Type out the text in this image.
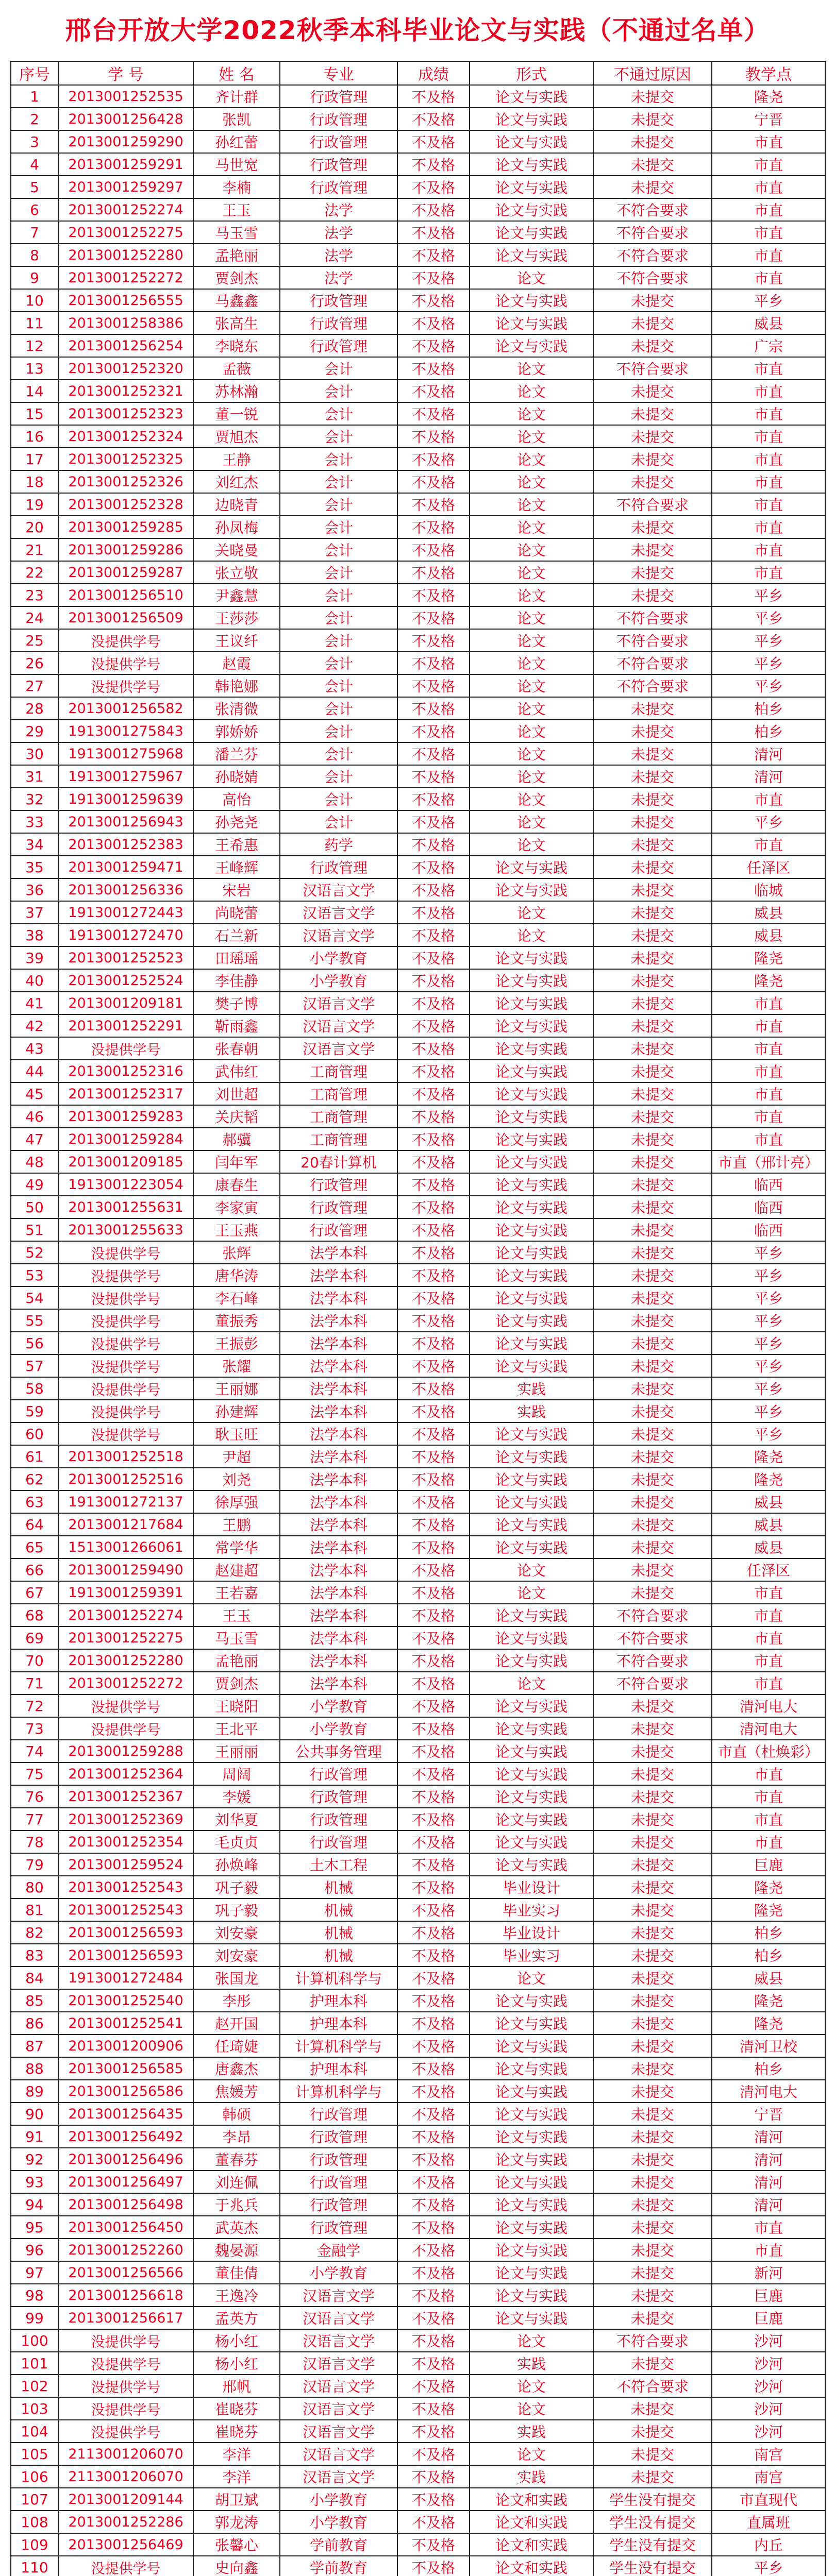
邢台开放大学2022秋季本科毕业论文与实践（不通过名单）
序号	学 号	姓 名	专业	成绩	形式	不通过原因	教学点
1	2013001252535	齐计群	行政管理	不及格	论文与实践	未提交	隆尧
2	2013001256428	张凯	行政管理	不及格	论文与实践	未提交	宁晋
3	2013001259290	孙红蕾	行政管理	不及格	论文与实践	未提交	市直
4	2013001259291	马世宽	行政管理	不及格	论文与实践	未提交	市直
5	2013001259297	李楠	行政管理	不及格	论文与实践	未提交	市直
6	2013001252274	王玉	法学	不及格	论文与实践	不符合要求	市直
7	2013001252275	马玉雪	法学	不及格	论文与实践	不符合要求	市直
8	2013001252280	孟艳丽	法学	不及格	论文与实践	不符合要求	市直
9	2013001252272	贾剑杰	法学	不及格	论文	不符合要求	市直
10	2013001256555	马鑫鑫	行政管理	不及格	论文与实践	未提交	平乡
11	2013001258386	张高生	行政管理	不及格	论文与实践	未提交	威县
12	2013001256254	李晓东	行政管理	不及格	论文与实践	未提交	广宗
13	2013001252320	孟薇	会计	不及格	论文	不符合要求	市直
14	2013001252321	苏林瀚	会计	不及格	论文	未提交	市直
15	2013001252323	董一锐	会计	不及格	论文	未提交	市直
16	2013001252324	贾旭杰	会计	不及格	论文	未提交	市直
17	2013001252325	王静	会计	不及格	论文	未提交	市直
18	2013001252326	刘红杰	会计	不及格	论文	未提交	市直
19	2013001252328	边晓青	会计	不及格	论文	不符合要求	市直
20	2013001259285	孙凤梅	会计	不及格	论文	未提交	市直
21	2013001259286	关晓曼	会计	不及格	论文	未提交	市直
22	2013001259287	张立敬	会计	不及格	论文	未提交	市直
23	2013001256510	尹鑫慧	会计	不及格	论文	未提交	平乡
24	2013001256509	王莎莎	会计	不及格	论文	不符合要求	平乡
25	没提供学号	王议纤	会计	不及格	论文	不符合要求	平乡
26	没提供学号	赵霞	会计	不及格	论文	不符合要求	平乡
27	没提供学号	韩艳娜	会计	不及格	论文	不符合要求	平乡
28	2013001256582	张清微	会计	不及格	论文	未提交	柏乡
29	1913001275843	郭娇娇	会计	不及格	论文	未提交	柏乡
30	1913001275968	潘兰芬	会计	不及格	论文	未提交	清河
31	1913001275967	孙晓婧	会计	不及格	论文	未提交	清河
32	1913001259639	高怡	会计	不及格	论文	未提交	市直
33	2013001256943	孙尧尧	会计	不及格	论文	未提交	平乡
34	2013001252383	王希惠	药学	不及格	论文	未提交	市直
35	2013001259471	王峰辉	行政管理	不及格	论文与实践	未提交	任泽区
36	2013001256336	宋岩	汉语言文学	不及格	论文与实践	未提交	临城
37	1913001272443	尚晓蕾	汉语言文学	不及格	论文	未提交	威县
38	1913001272470	石兰新	汉语言文学	不及格	论文	未提交	威县
39	2013001252523	田瑶瑶	小学教育	不及格	论文与实践	未提交	隆尧
40	2013001252524	李佳静	小学教育	不及格	论文与实践	未提交	隆尧
41	2013001209181	樊子博	汉语言文学	不及格	论文与实践	未提交	市直
42	2013001252291	靳雨鑫	汉语言文学	不及格	论文与实践	未提交	市直
43	没提供学号	张春朝	汉语言文学	不及格	论文与实践	未提交	市直
44	2013001252316	武伟红	工商管理	不及格	论文与实践	未提交	市直
45	2013001252317	刘世超	工商管理	不及格	论文与实践	未提交	市直
46	2013001259283	关庆韬	工商管理	不及格	论文与实践	未提交	市直
47	2013001259284	郝骥	工商管理	不及格	论文与实践	未提交	市直
48	2013001209185	闫年军	20春计算机	不及格	论文与实践	未提交	市直（邢计亮）
49	1913001223054	康春生	行政管理	不及格	论文与实践	未提交	临西
50	2013001255631	李家寅	行政管理	不及格	论文与实践	未提交	临西
51	2013001255633	王玉燕	行政管理	不及格	论文与实践	未提交	临西
52	没提供学号	张辉	法学本科	不及格	论文与实践	未提交	平乡
53	没提供学号	唐华涛	法学本科	不及格	论文与实践	未提交	平乡
54	没提供学号	李石峰	法学本科	不及格	论文与实践	未提交	平乡
55	没提供学号	董振秀	法学本科	不及格	论文与实践	未提交	平乡
56	没提供学号	王振彭	法学本科	不及格	论文与实践	未提交	平乡
57	没提供学号	张耀	法学本科	不及格	论文与实践	未提交	平乡
58	没提供学号	王丽娜	法学本科	不及格	实践	未提交	平乡
59	没提供学号	孙建辉	法学本科	不及格	实践	未提交	平乡
60	没提供学号	耿玉旺	法学本科	不及格	论文与实践	未提交	平乡
61	2013001252518	尹超	法学本科	不及格	论文与实践	未提交	隆尧
62	2013001252516	刘尧	法学本科	不及格	论文与实践	未提交	隆尧
63	1913001272137	徐厚强	法学本科	不及格	论文与实践	未提交	威县
64	2013001217684	王鹏	法学本科	不及格	论文与实践	未提交	威县
65	1513001266061	常学华	法学本科	不及格	论文与实践	未提交	威县
66	2013001259490	赵建超	法学本科	不及格	论文	未提交	任泽区
67	1913001259391	王若嘉	法学本科	不及格	论文	未提交	市直
68	2013001252274	王玉	法学本科	不及格	论文与实践	不符合要求	市直
69	2013001252275	马玉雪	法学本科	不及格	论文与实践	不符合要求	市直
70	2013001252280	孟艳丽	法学本科	不及格	论文与实践	不符合要求	市直
71	2013001252272	贾剑杰	法学本科	不及格	论文	不符合要求	市直
72	没提供学号	王晓阳	小学教育	不及格	论文与实践	未提交	清河电大
73	没提供学号	王北平	小学教育	不及格	论文与实践	未提交	清河电大
74	2013001259288	王丽丽	公共事务管理	不及格	论文与实践	未提交	市直（杜焕彩）
75	2013001252364	周阔	行政管理	不及格	论文与实践	未提交	市直
76	2013001252367	李媛	行政管理	不及格	论文与实践	未提交	市直
77	2013001252369	刘华夏	行政管理	不及格	论文与实践	未提交	市直
78	2013001252354	毛贞贞	行政管理	不及格	论文与实践	未提交	市直
79	2013001259524	孙焕峰	土木工程	不及格	论文与实践	未提交	巨鹿
80	2013001252543	巩子毅	机械	不及格	毕业设计	未提交	隆尧
81	2013001252543	巩子毅	机械	不及格	毕业实习	未提交	隆尧
82	2013001256593	刘安豪	机械	不及格	毕业设计	未提交	柏乡
83	2013001256593	刘安豪	机械	不及格	毕业实习	未提交	柏乡
84	1913001272484	张国龙	计算机科学与	不及格	论文	未提交	威县
85	2013001252540	李彤	护理本科	不及格	论文与实践	未提交	隆尧
86	2013001252541	赵开国	护理本科	不及格	论文与实践	未提交	隆尧
87	2013001200906	任琦婕	计算机科学与	不及格	论文与实践	未提交	清河卫校
88	2013001256585	唐鑫杰	护理本科	不及格	论文与实践	未提交	柏乡
89	2013001256586	焦媛芳	计算机科学与	不及格	论文与实践	未提交	清河电大
90	2013001256435	韩硕	行政管理	不及格	论文与实践	未提交	宁晋
91	2013001256492	李昂	行政管理	不及格	论文与实践	未提交	清河
92	2013001256496	董春芬	行政管理	不及格	论文与实践	未提交	清河
93	2013001256497	刘连佩	行政管理	不及格	论文与实践	未提交	清河
94	2013001256498	于兆兵	行政管理	不及格	论文与实践	未提交	清河
95	2013001256450	武英杰	行政管理	不及格	论文与实践	未提交	市直
96	2013001252260	魏晏源	金融学	不及格	论文与实践	未提交	市直
97	2013001256566	董佳倩	小学教育	不及格	论文与实践	未提交	新河
98	2013001256618	王逸冷	汉语言文学	不及格	论文与实践	未提交	巨鹿
99	2013001256617	孟英方	汉语言文学	不及格	论文与实践	未提交	巨鹿
100	没提供学号	杨小红	汉语言文学	不及格	论文	不符合要求	沙河
101	没提供学号	杨小红	汉语言文学	不及格	实践	未提交	沙河
102	没提供学号	邢帆	汉语言文学	不及格	论文	不符合要求	沙河
103	没提供学号	崔晓芬	汉语言文学	不及格	论文	未提交	沙河
104	没提供学号	崔晓芬	汉语言文学	不及格	实践	未提交	沙河
105	2113001206070	李洋	汉语言文学	不及格	论文	未提交	南宫
106	2113001206070	李洋	汉语言文学	不及格	实践	未提交	南宫
107	2013001209144	胡卫斌	小学教育	不及格	论文和实践	学生没有提交	市直现代
108	2013001252286	郭龙涛	小学教育	不及格	论文和实践	学生没有提交	直属班
109	2013001256469	张馨心	学前教育	不及格	论文和实践	学生没有提交	内丘
110	没提供学号	史向鑫	学前教育	不及格	论文和实践	学生没有提交	平乡
